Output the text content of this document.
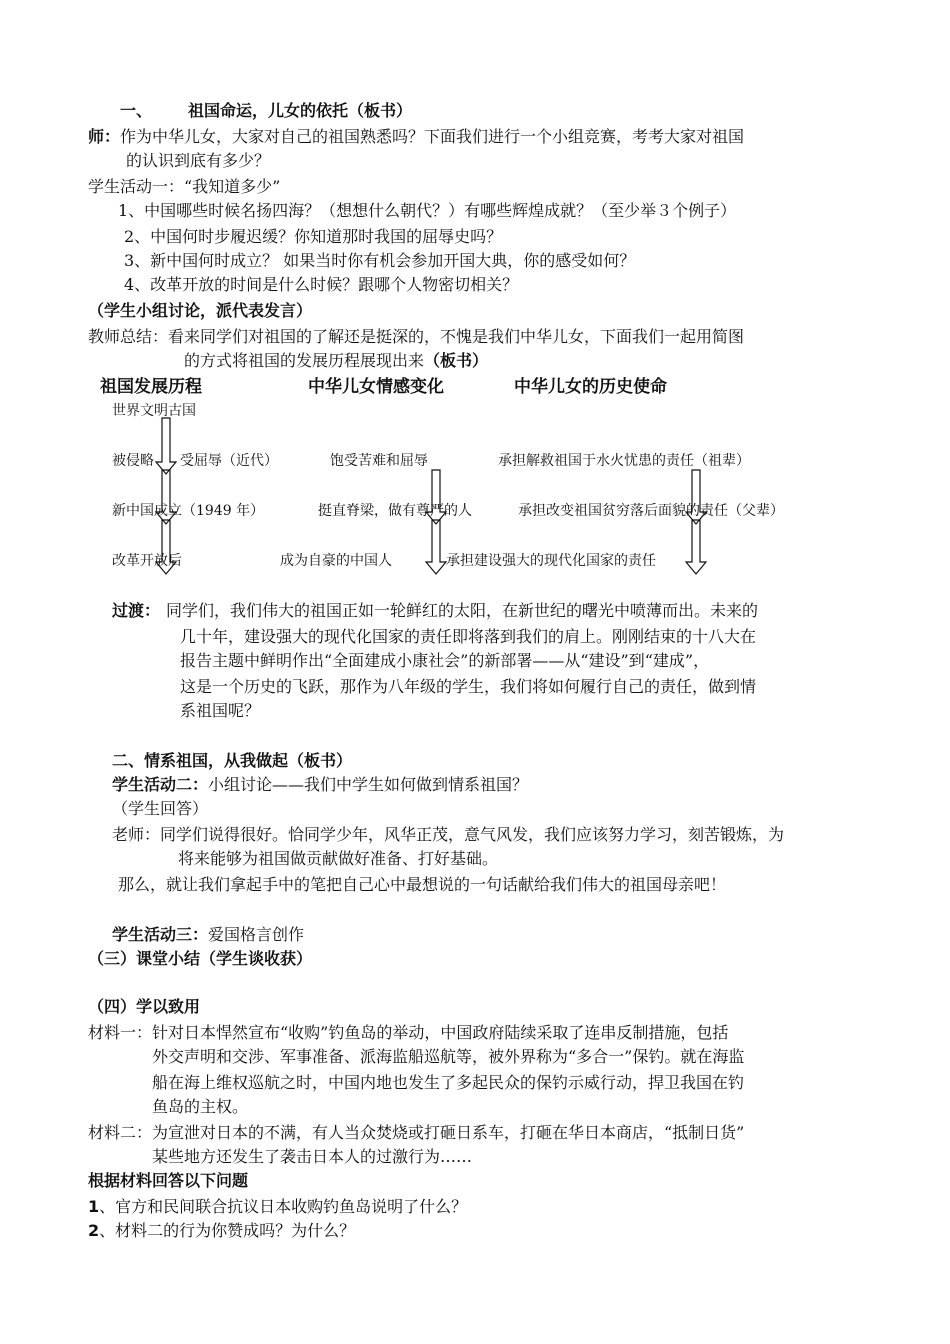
一、 祖国命运，儿女的依托（板书）
师：作为中华儿女，大家对自己的祖国熟悉吗？下面我们进行一个小组竞赛，考考大家对祖国
的认识到底有多少？
学生活动一：“我知道多少”
1、中国哪些时候名扬四海？（想想什么朝代？）有哪些辉煌成就？（至少举３个例子）
2、中国何时步履迟缓？你知道那时我国的屈辱史吗？
3、新中国何时成立？ 如果当时你有机会参加开国大典，你的感受如何？
4、改革开放的时间是什么时候？跟哪个人物密切相关？
（学生小组讨论，派代表发言）
教师总结：看来同学们对祖国的了解还是挺深的，不愧是我们中华儿女，下面我们一起用简图
的方式将祖国的发展历程展现出来（板书）
祖国发展历程	中华儿女情感变化	中华儿女的历史使命
世界文明古国
被侵略 受屈辱（近代）	饱受苦难和屈辱	承担解救祖国于水火忧患的责任（祖辈）
新中国成立（1949 年）	挺直脊梁，做有尊严的人	承担改变祖国贫穷落后面貌的责任（父辈）
改革开放后	成为自豪的中国人	承担建设强大的现代化国家的责任
过渡： 同学们，我们伟大的祖国正如一轮鲜红的太阳，在新世纪的曙光中喷薄而出。未来的
几十年，建设强大的现代化国家的责任即将落到我们的肩上。刚刚结束的十八大在
报告主题中鲜明作出“全面建成小康社会”的新部署——从“建设”到“建成”，
这是一个历史的飞跃，那作为八年级的学生，我们将如何履行自己的责任，做到情
系祖国呢？
二、情系祖国，从我做起（板书）
学生活动二：小组讨论——我们中学生如何做到情系祖国？
（学生回答）
老师：同学们说得很好。恰同学少年，风华正茂，意气风发，我们应该努力学习，刻苦锻炼，为
将来能够为祖国做贡献做好准备、打好基础。
那么，就让我们拿起手中的笔把自己心中最想说的一句话献给我们伟大的祖国母亲吧！
学生活动三：爱国格言创作
（三）课堂小结（学生谈收获）
（四）学以致用
材料一：针对日本悍然宣布“收购”钓鱼岛的举动，中国政府陆续采取了连串反制措施，包括
外交声明和交涉、军事准备、派海监船巡航等，被外界称为“多合一”保钓。就在海监
船在海上维权巡航之时，中国内地也发生了多起民众的保钓示威行动，捍卫我国在钓
鱼岛的主权。
材料二：为宣泄对日本的不满，有人当众焚烧或打砸日系车，打砸在华日本商店，“抵制日货”
某些地方还发生了袭击日本人的过激行为……
根据材料回答以下问题
1、官方和民间联合抗议日本收购钓鱼岛说明了什么？
2、材料二的行为你赞成吗？为什么？
